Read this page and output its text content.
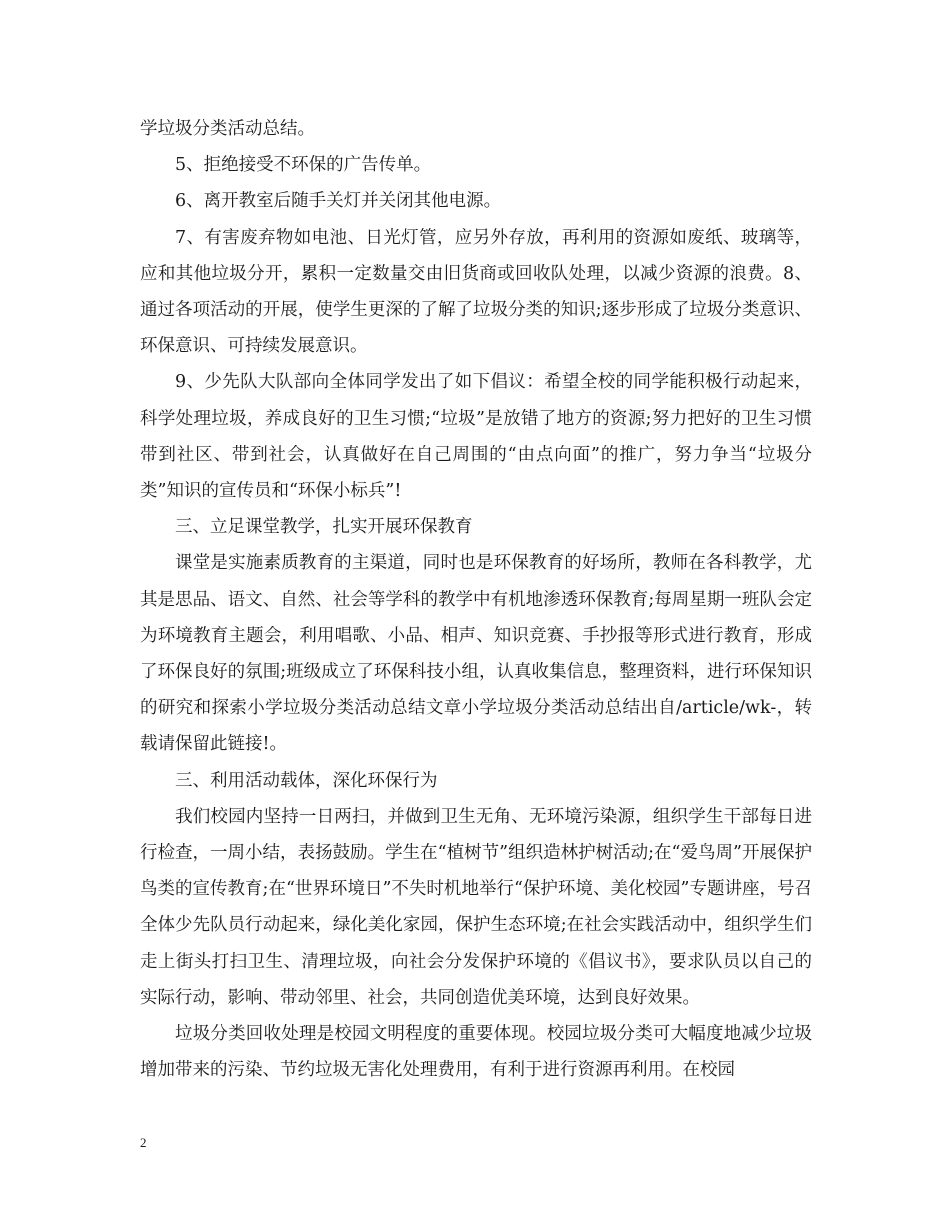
学垃圾分类活动总结。

5、拒绝接受不环保的广告传单。

6、离开教室后随手关灯并关闭其他电源。

7、有害废弃物如电池、日光灯管，应另外存放，再利用的资源如废纸、玻璃等，应和其他垃圾分开，累积一定数量交由旧货商或回收队处理，以减少资源的浪费。8、通过各项活动的开展，使学生更深的了解了垃圾分类的知识;逐步形成了垃圾分类意识、环保意识、可持续发展意识。

9、少先队大队部向全体同学发出了如下倡议：希望全校的同学能积极行动起来，科学处理垃圾，养成良好的卫生习惯;“垃圾”是放错了地方的资源;努力把好的卫生习惯带到社区、带到社会，认真做好在自己周围的“由点向面”的推广，努力争当“垃圾分类”知识的宣传员和“环保小标兵”!

三、立足课堂教学，扎实开展环保教育

课堂是实施素质教育的主渠道，同时也是环保教育的好场所，教师在各科教学，尤其是思品、语文、自然、社会等学科的教学中有机地渗透环保教育;每周星期一班队会定为环境教育主题会，利用唱歌、小品、相声、知识竞赛、手抄报等形式进行教育，形成了环保良好的氛围;班级成立了环保科技小组，认真收集信息，整理资料，进行环保知识的研究和探索小学垃圾分类活动总结文章小学垃圾分类活动总结出自/article/wk-，转载请保留此链接!。

三、利用活动载体，深化环保行为

我们校园内坚持一日两扫，并做到卫生无角、无环境污染源，组织学生干部每日进行检查，一周小结，表扬鼓励。学生在“植树节”组织造林护树活动;在“爱鸟周”开展保护鸟类的宣传教育;在“世界环境日”不失时机地举行“保护环境、美化校园”专题讲座，号召全体少先队员行动起来，绿化美化家园，保护生态环境;在社会实践活动中，组织学生们走上街头打扫卫生、清理垃圾，向社会分发保护环境的《倡议书》，要求队员以自己的实际行动，影响、带动邻里、社会，共同创造优美环境，达到良好效果。

垃圾分类回收处理是校园文明程度的重要体现。校园垃圾分类可大幅度地减少垃圾增加带来的污染、节约垃圾无害化处理费用，有利于进行资源再利用。在校园

2
